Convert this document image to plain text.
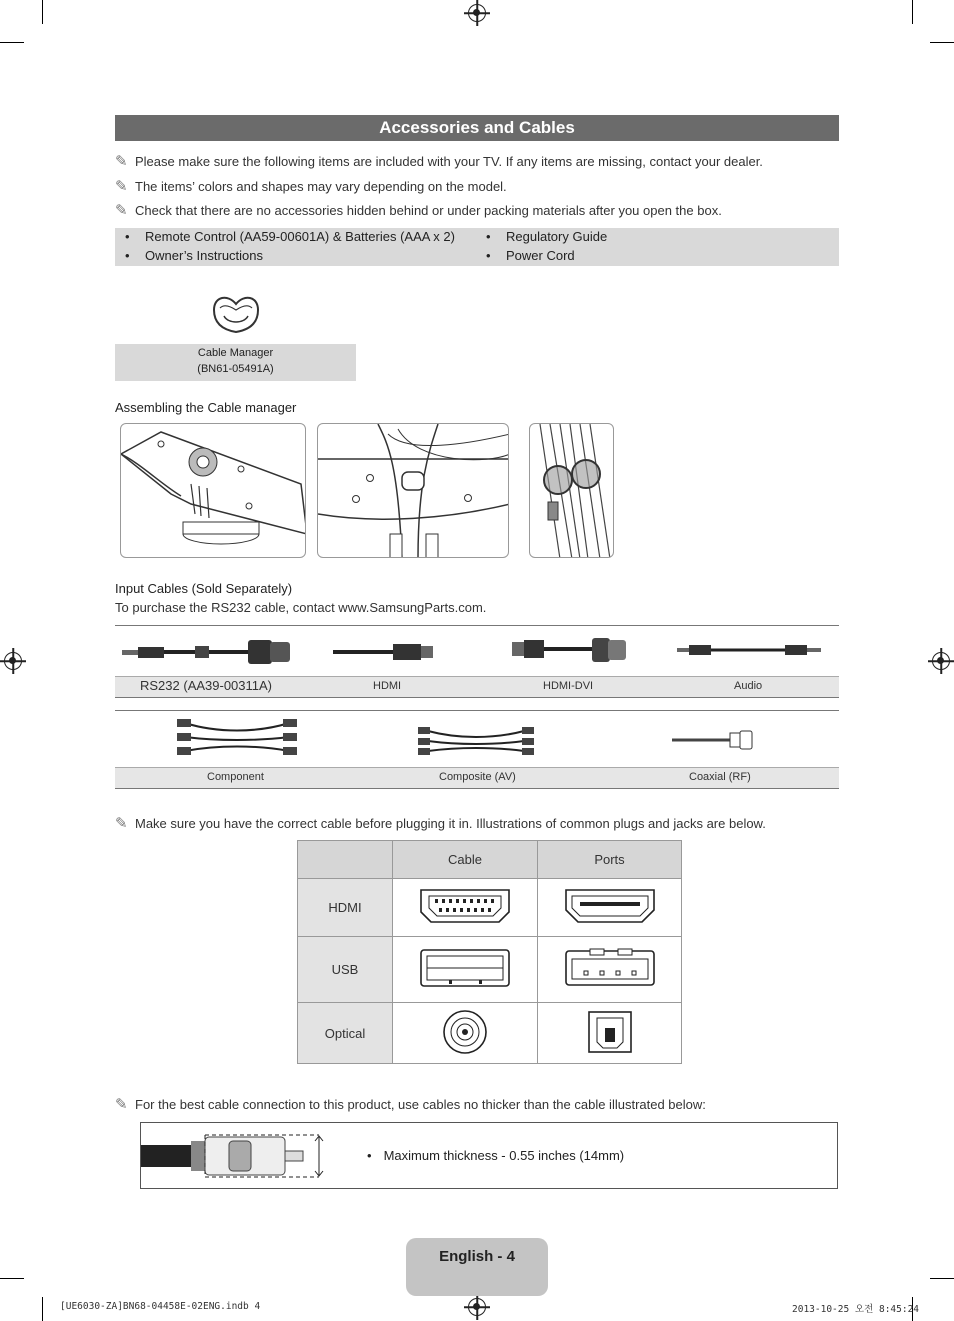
Accessories and Cables
✎ Please make sure the following items are included with your TV. If any items are missing, contact your dealer.
✎ The items’ colors and shapes may vary depending on the model.
✎ Check that there are no accessories hidden behind or under packing materials after you open the box.
• Remote Control (AA59-00601A) & Batteries (AAA x 2)
• Owner’s Instructions
• Regulatory Guide
• Power Cord
Cable Manager
(BN61-05491A)
Assembling the Cable manager
Input Cables (Sold Separately)
To purchase the RS232 cable, contact www.SamsungParts.com.
RS232 (AA39-00311A)	HDMI	HDMI-DVI	Audio
Component	Composite (AV)	Coaxial (RF)
✎ Make sure you have the correct cable before plugging it in. Illustrations of common plugs and jacks are below.
	Cable	Ports
HDMI		
USB		
Optical		
✎ For the best cable connection to this product, use cables no thicker than the cable illustrated below:
• Maximum thickness - 0.55 inches (14mm)
English - 4
[UE6030-ZA]BN68-04458E-02ENG.indb 4	2013-10-25 오전 8:45:24
